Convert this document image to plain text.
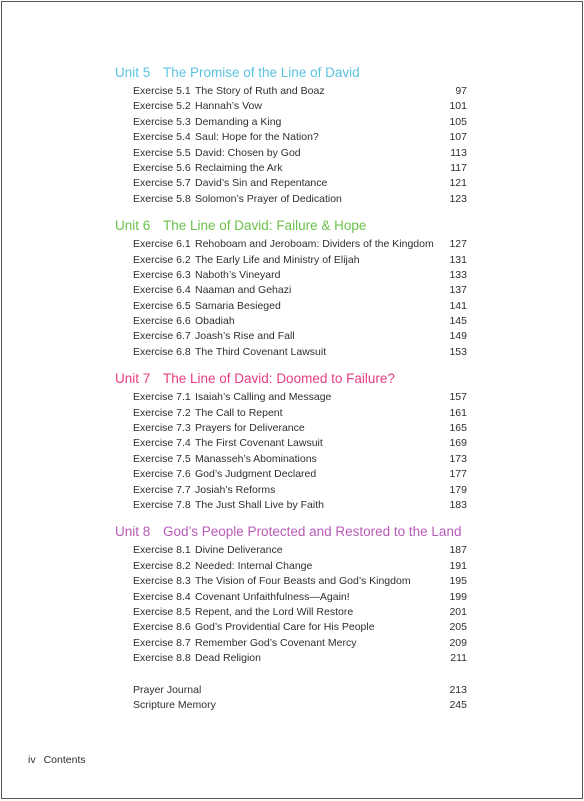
Unit 5 The Promise of the Line of David
Exercise 5.1 The Story of Ruth and Boaz	97
Exercise 5.2 Hannah’s Vow	101
Exercise 5.3 Demanding a King	105
Exercise 5.4 Saul: Hope for the Nation?	107
Exercise 5.5 David: Chosen by God	113
Exercise 5.6 Reclaiming the Ark	117
Exercise 5.7 David’s Sin and Repentance	121
Exercise 5.8 Solomon’s Prayer of Dedication	123
Unit 6 The Line of David: Failure & Hope
Exercise 6.1 Rehoboam and Jeroboam: Dividers of the Kingdom	127
Exercise 6.2 The Early Life and Ministry of Elijah	131
Exercise 6.3 Naboth’s Vineyard	133
Exercise 6.4 Naaman and Gehazi	137
Exercise 6.5 Samaria Besieged	141
Exercise 6.6 Obadiah	145
Exercise 6.7 Joash’s Rise and Fall	149
Exercise 6.8 The Third Covenant Lawsuit	153
Unit 7 The Line of David: Doomed to Failure?
Exercise 7.1 Isaiah’s Calling and Message	157
Exercise 7.2 The Call to Repent	161
Exercise 7.3 Prayers for Deliverance	165
Exercise 7.4 The First Covenant Lawsuit	169
Exercise 7.5 Manasseh’s Abominations	173
Exercise 7.6 God’s Judgment Declared	177
Exercise 7.7 Josiah’s Reforms	179
Exercise 7.8 The Just Shall Live by Faith	183
Unit 8 God’s People Protected and Restored to the Land
Exercise 8.1 Divine Deliverance	187
Exercise 8.2 Needed: Internal Change	191
Exercise 8.3 The Vision of Four Beasts and God’s Kingdom	195
Exercise 8.4 Covenant Unfaithfulness—Again!	199
Exercise 8.5 Repent, and the Lord Will Restore	201
Exercise 8.6 God’s Providential Care for His People	205
Exercise 8.7 Remember God’s Covenant Mercy	209
Exercise 8.8 Dead Religion	211
Prayer Journal	213
Scripture Memory	245
iv Contents
